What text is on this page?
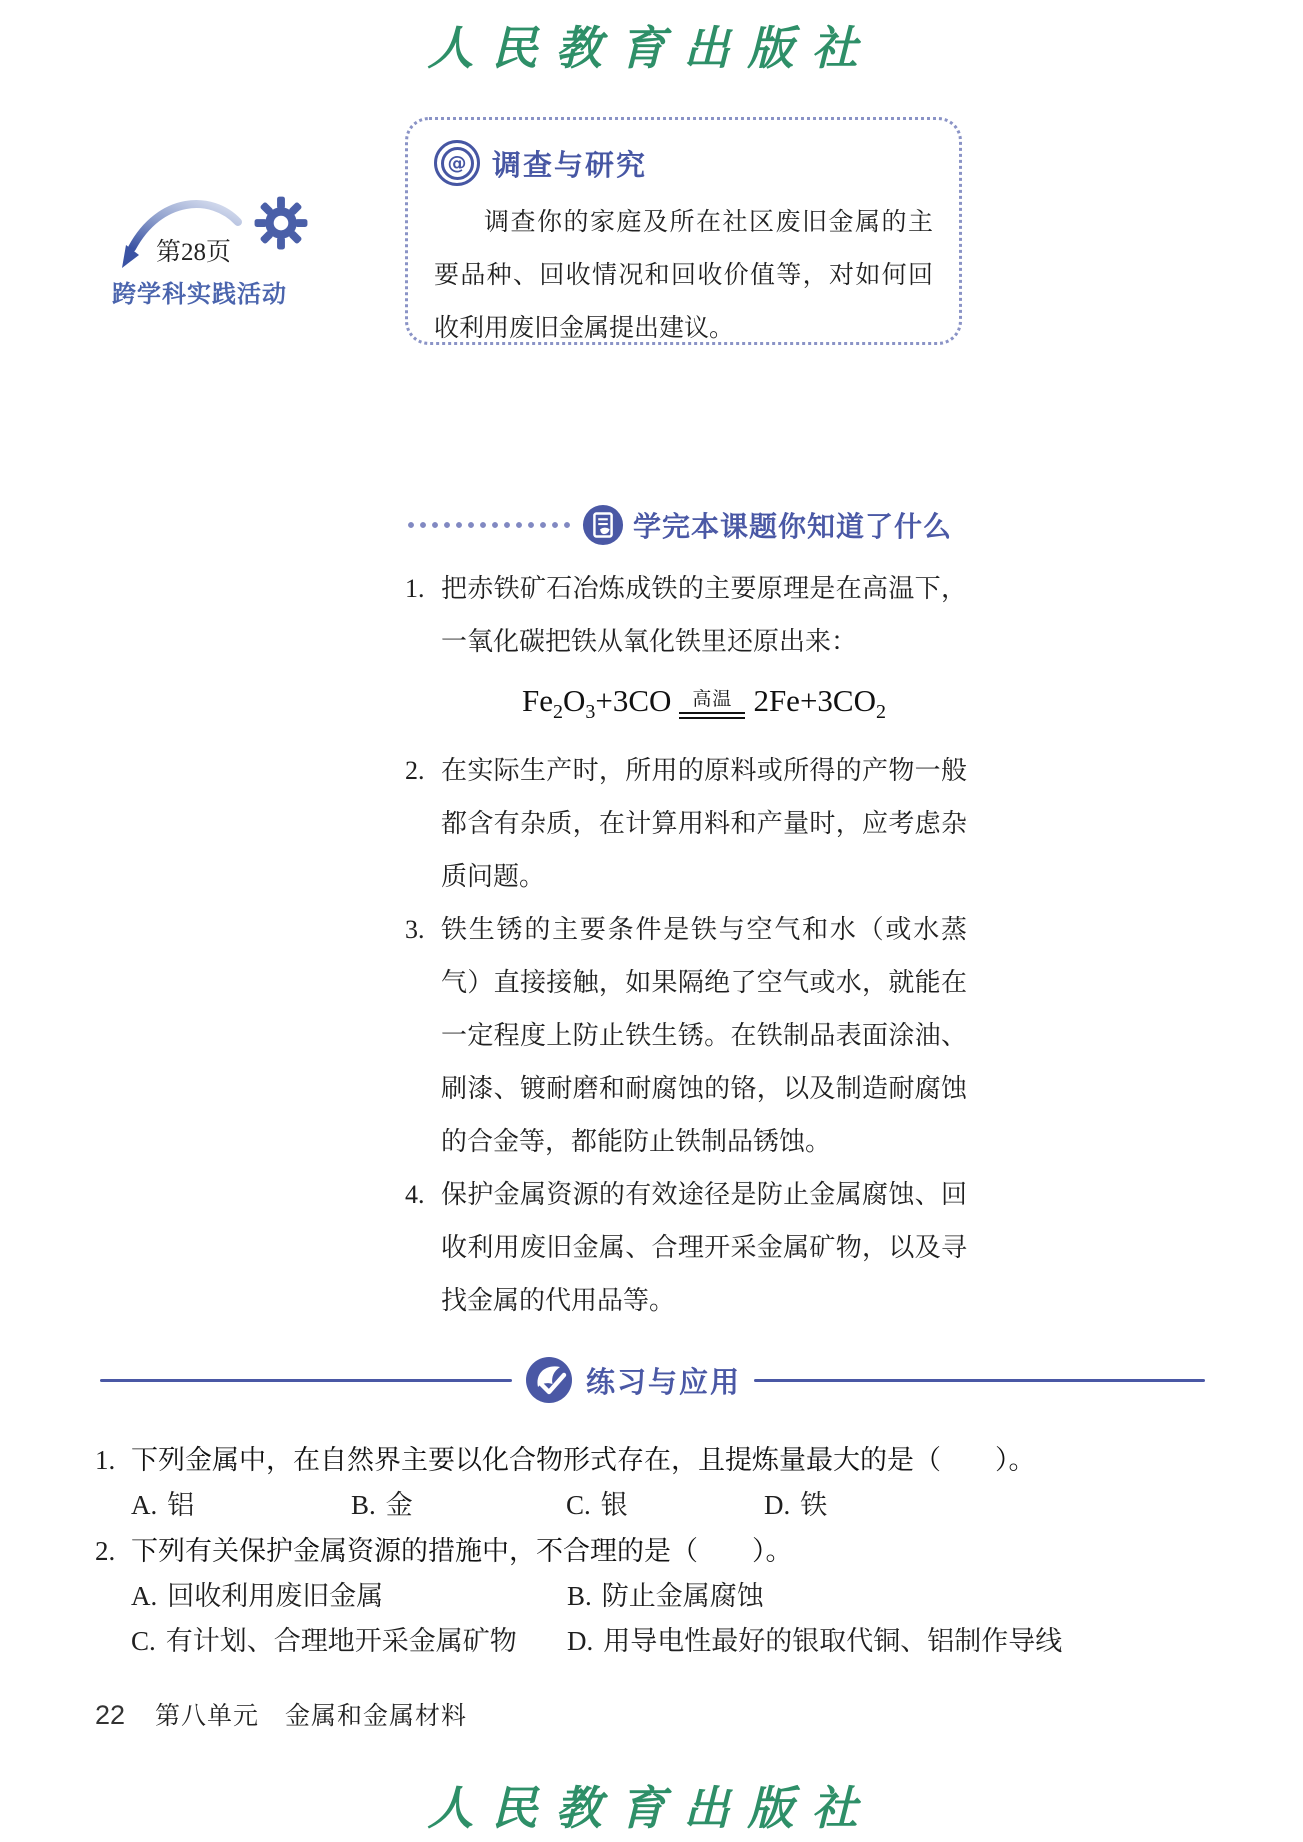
人民教育出版社
第28页
跨学科实践活动
@ 调查与研究
调查你的家庭及所在社区废旧金属的主要品种、回收情况和回收价值等，对如何回收利用废旧金属提出建议。
学完本课题你知道了什么
1. 把赤铁矿石冶炼成铁的主要原理是在高温下，一氧化碳把铁从氧化铁里还原出来：
$Fe_2O_3+3CO$ 高温 $2Fe+3CO_2$
2. 在实际生产时，所用的原料或所得的产物一般都含有杂质，在计算用料和产量时，应考虑杂质问题。
3. 铁生锈的主要条件是铁与空气和水（或水蒸气）直接接触，如果隔绝了空气或水，就能在一定程度上防止铁生锈。在铁制品表面涂油、刷漆、镀耐磨和耐腐蚀的铬，以及制造耐腐蚀的合金等，都能防止铁制品锈蚀。
4. 保护金属资源的有效途径是防止金属腐蚀、回收利用废旧金属、合理开采金属矿物，以及寻找金属的代用品等。
练习与应用
1. 下列金属中，在自然界主要以化合物形式存在，且提炼量最大的是（　　）。
A. 铝	B. 金	C. 银	D. 铁
2. 下列有关保护金属资源的措施中，不合理的是（　　）。
A. 回收利用废旧金属	B. 防止金属腐蚀
C. 有计划、合理地开采金属矿物	D. 用导电性最好的银取代铜、铝制作导线
22 第八单元　金属和金属材料
人民教育出版社
